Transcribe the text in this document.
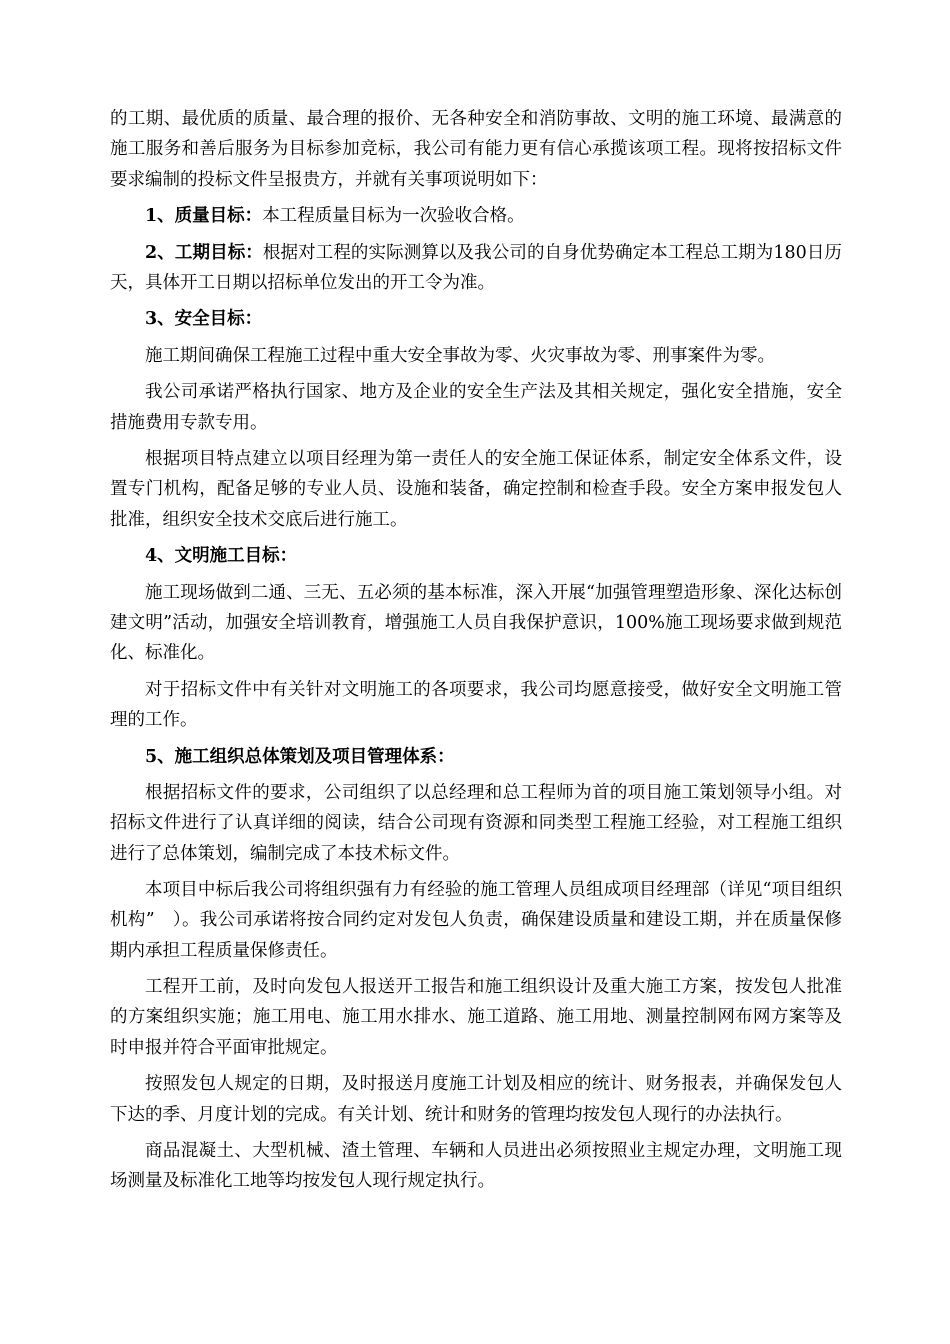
的工期、最优质的质量、最合理的报价、无各种安全和消防事故、文明的施工环境、最满意的施工服务和善后服务为目标参加竞标，我公司有能力更有信心承揽该项工程。现将按招标文件要求编制的投标文件呈报贵方，并就有关事项说明如下：

1、质量目标：本工程质量目标为一次验收合格。

2、工期目标：根据对工程的实际测算以及我公司的自身优势确定本工程总工期为180日历天，具体开工日期以招标单位发出的开工令为准。

3、安全目标：

施工期间确保工程施工过程中重大安全事故为零、火灾事故为零、刑事案件为零。

我公司承诺严格执行国家、地方及企业的安全生产法及其相关规定，强化安全措施，安全措施费用专款专用。

根据项目特点建立以项目经理为第一责任人的安全施工保证体系，制定安全体系文件，设置专门机构，配备足够的专业人员、设施和装备，确定控制和检查手段。安全方案申报发包人批准，组织安全技术交底后进行施工。

4、文明施工目标：

施工现场做到二通、三无、五必须的基本标准，深入开展“加强管理塑造形象、深化达标创建文明”活动，加强安全培训教育，增强施工人员自我保护意识，100%施工现场要求做到规范化、标准化。

对于招标文件中有关针对文明施工的各项要求，我公司均愿意接受，做好安全文明施工管理的工作。

5、施工组织总体策划及项目管理体系：

根据招标文件的要求，公司组织了以总经理和总工程师为首的项目施工策划领导小组。对招标文件进行了认真详细的阅读，结合公司现有资源和同类型工程施工经验，对工程施工组织进行了总体策划，编制完成了本技术标文件。

本项目中标后我公司将组织强有力有经验的施工管理人员组成项目经理部（详见“项目组织机构”　）。我公司承诺将按合同约定对发包人负责，确保建设质量和建设工期，并在质量保修期内承担工程质量保修责任。

工程开工前，及时向发包人报送开工报告和施工组织设计及重大施工方案，按发包人批准的方案组织实施；施工用电、施工用水排水、施工道路、施工用地、测量控制网布网方案等及时申报并符合平面审批规定。

按照发包人规定的日期，及时报送月度施工计划及相应的统计、财务报表，并确保发包人下达的季、月度计划的完成。有关计划、统计和财务的管理均按发包人现行的办法执行。

商品混凝土、大型机械、渣土管理、车辆和人员进出必须按照业主规定办理，文明施工现场测量及标准化工地等均按发包人现行规定执行。
